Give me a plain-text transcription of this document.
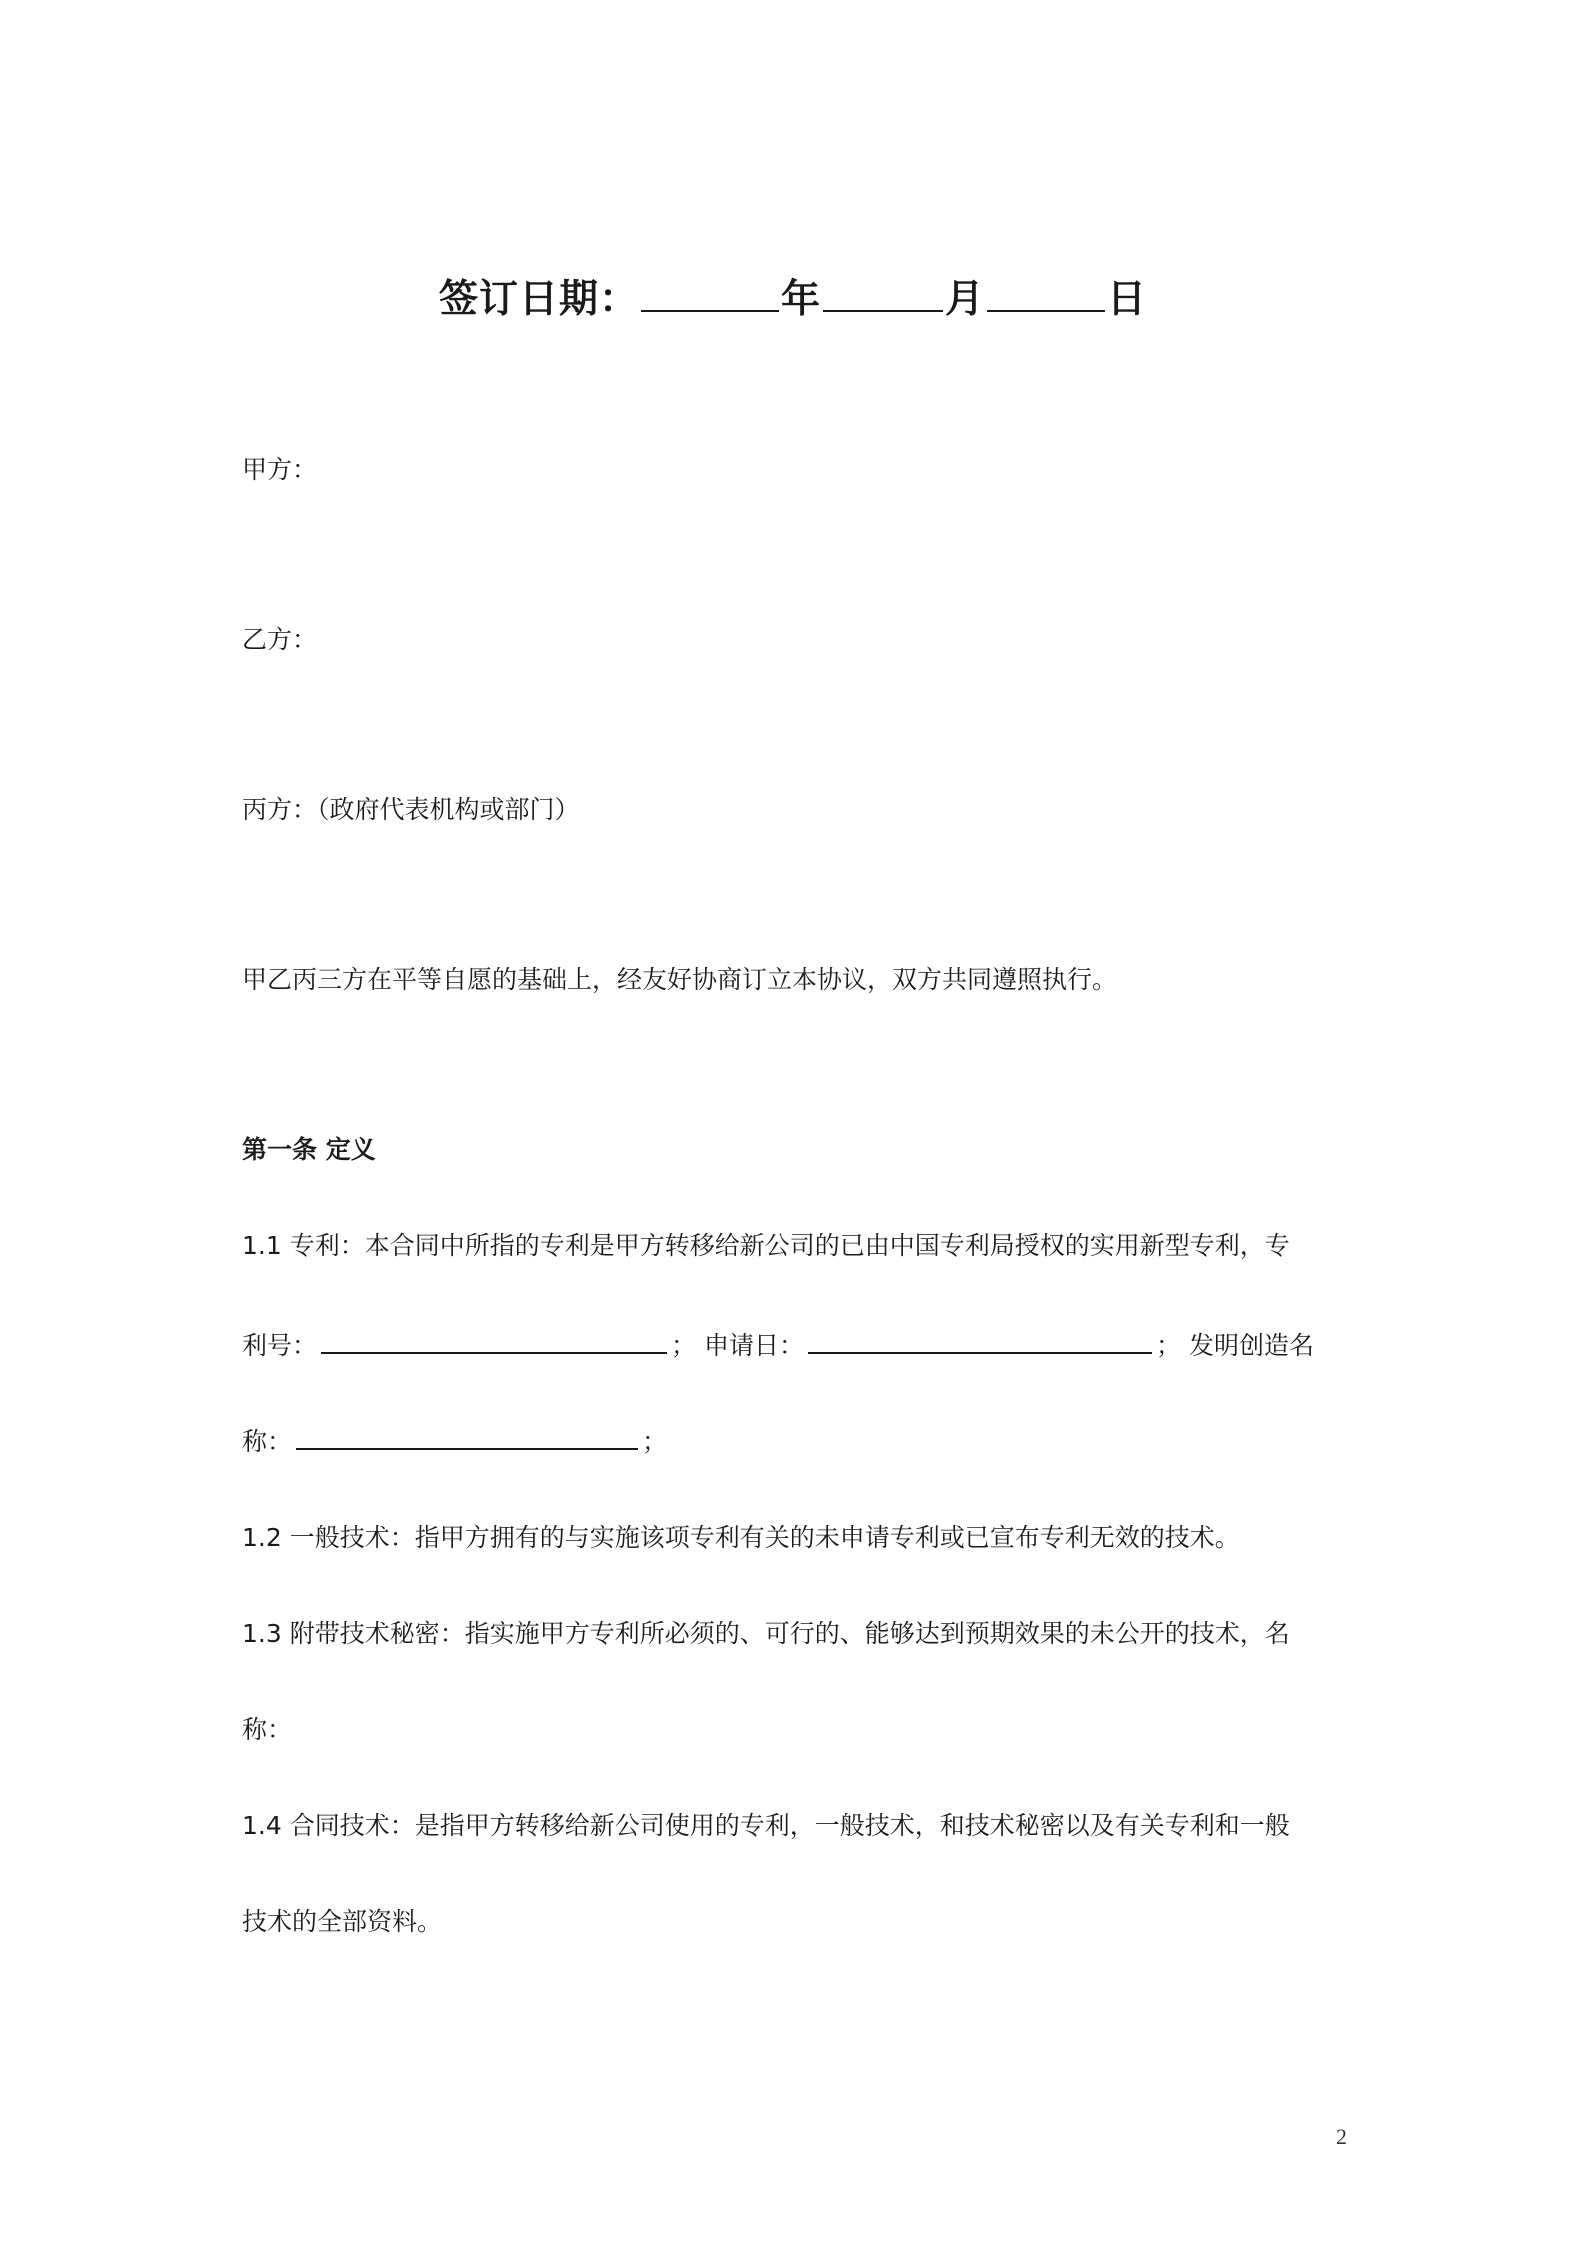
签订日期：	年	月	日
甲方：
乙方：
丙方：（政府代表机构或部门）
甲乙丙三方在平等自愿的基础上，经友好协商订立本协议，双方共同遵照执行。
第一条 定义
1.1 专利：本合同中所指的专利是甲方转移给新公司的已由中国专利局授权的实用新型专利，专
利号：	； 申请日：	； 发明创造名
称：	；
1.2 一般技术：指甲方拥有的与实施该项专利有关的未申请专利或已宣布专利无效的技术。
1.3 附带技术秘密：指实施甲方专利所必须的、可行的、能够达到预期效果的未公开的技术，名
称：
1.4 合同技术：是指甲方转移给新公司使用的专利，一般技术，和技术秘密以及有关专利和一般
技术的全部资料。
2
